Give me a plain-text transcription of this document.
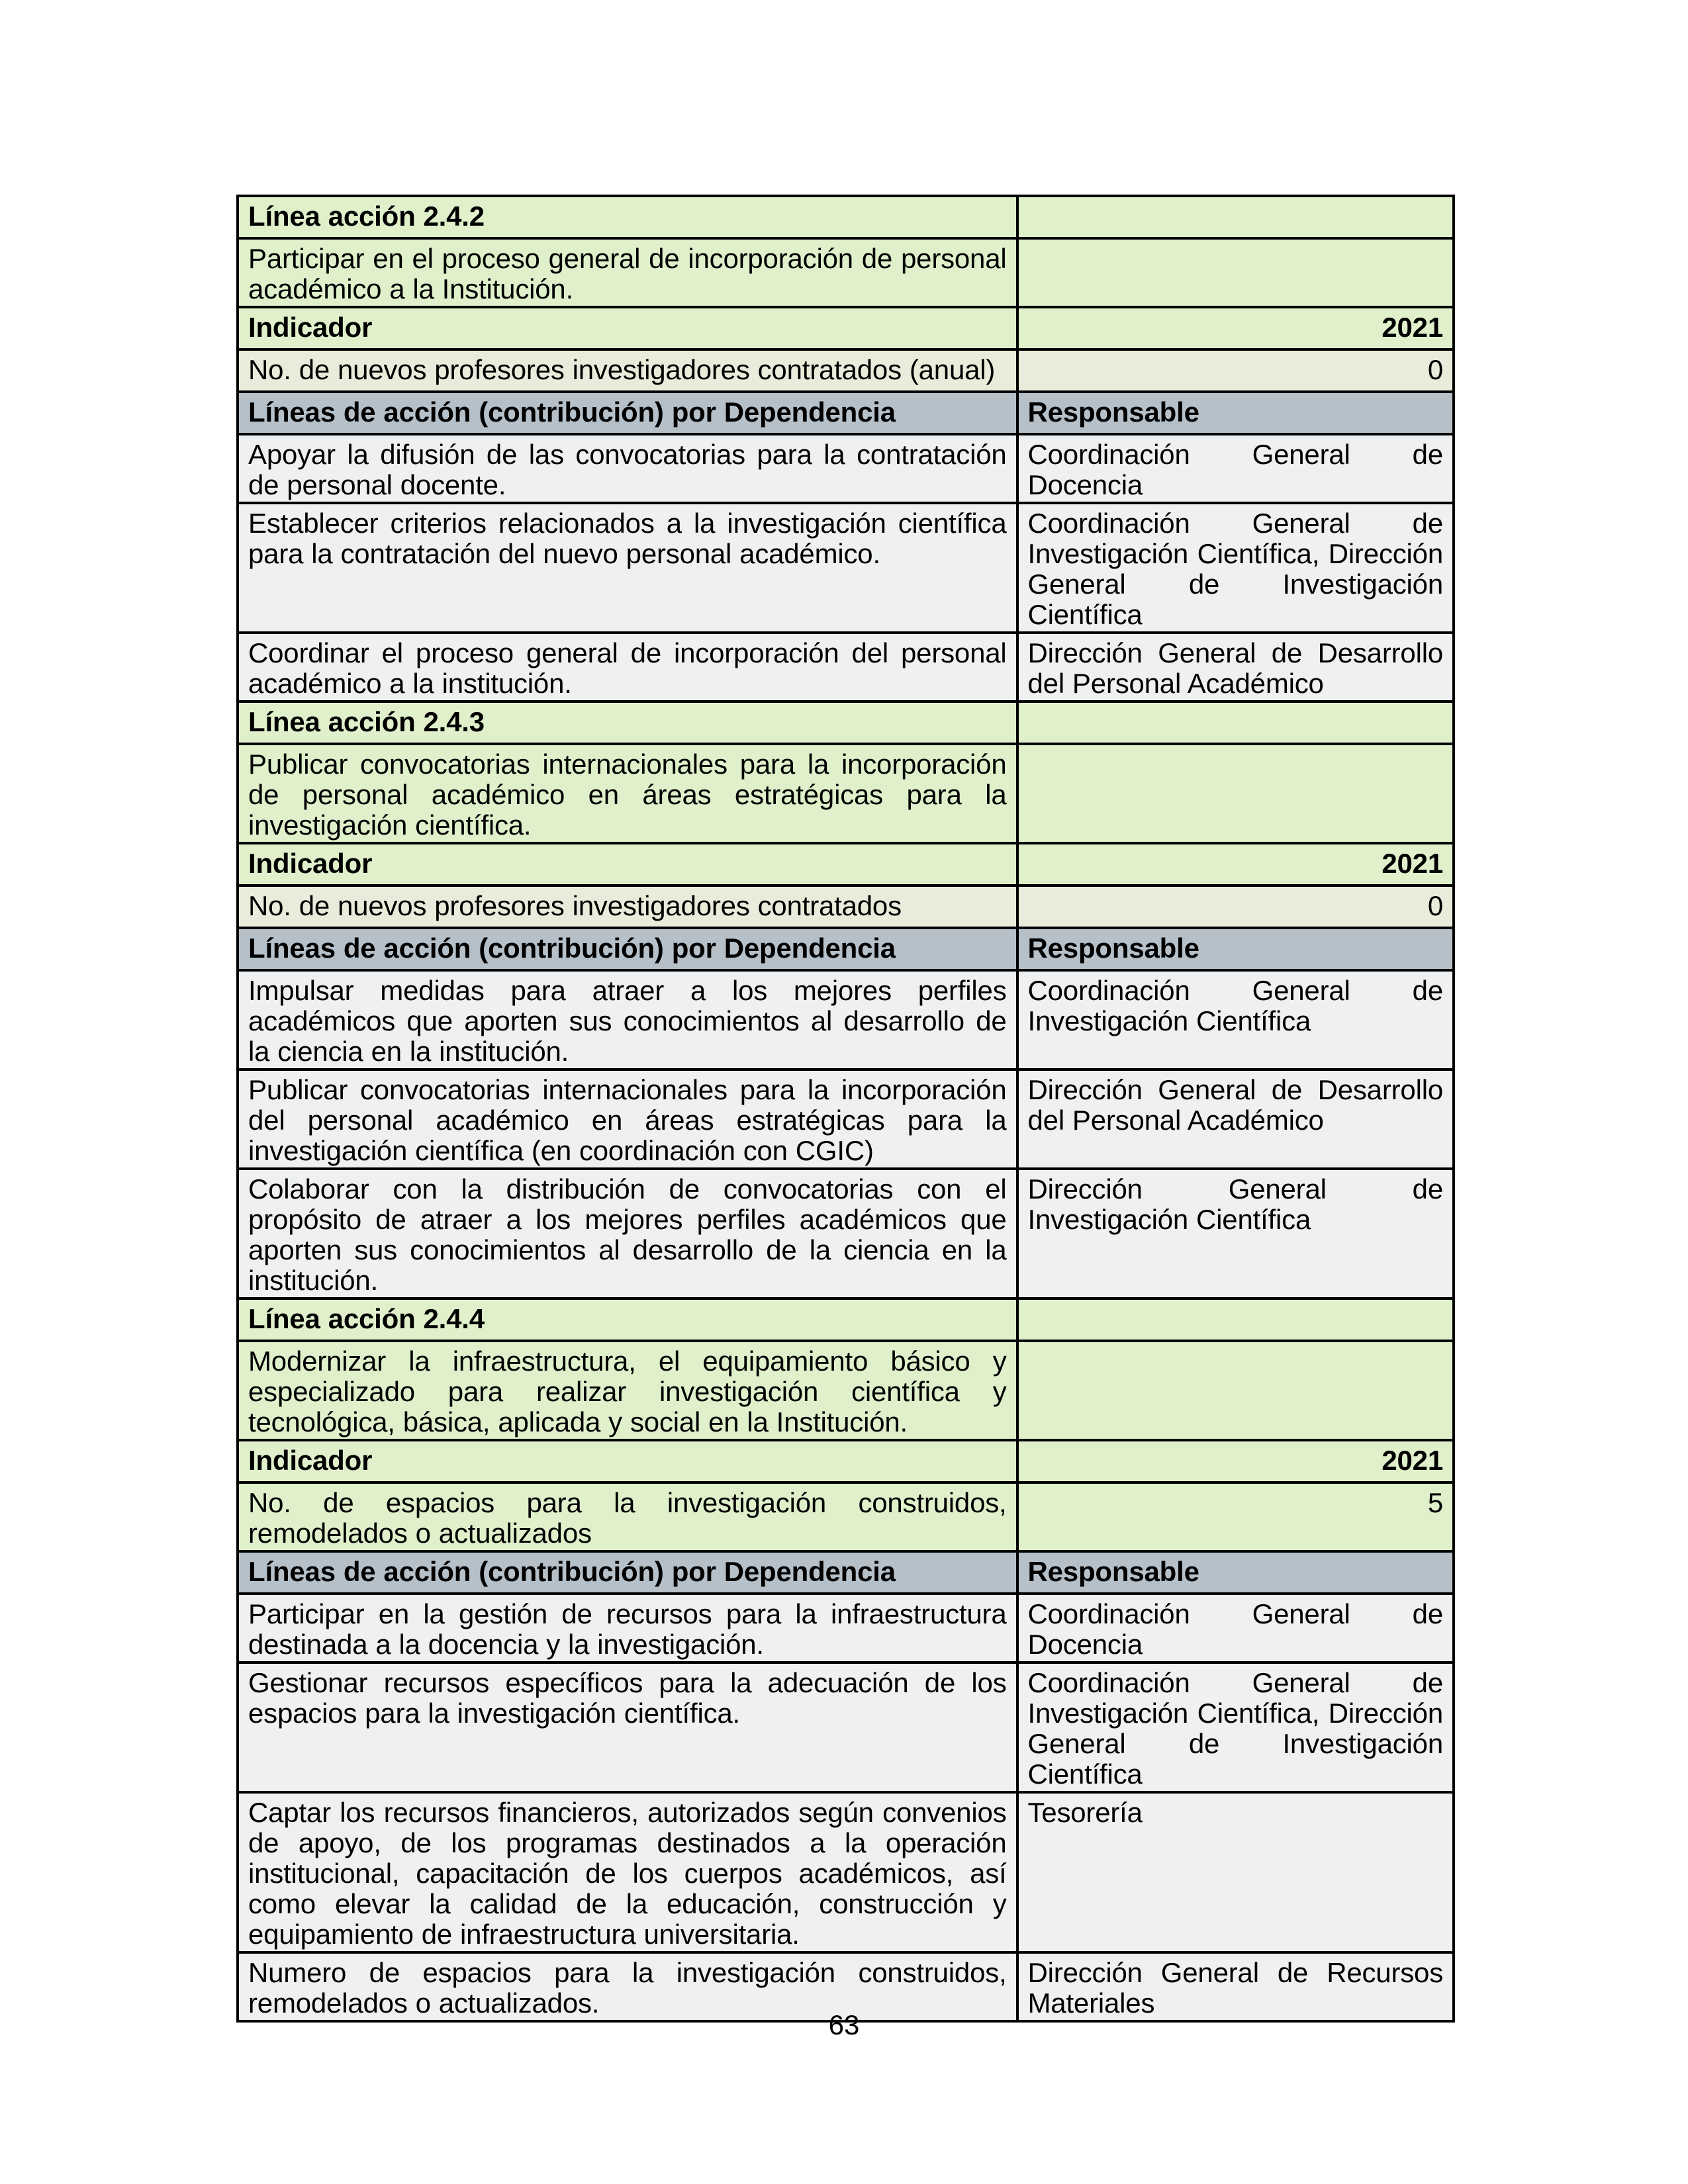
Línea acción 2.4.2	
Participar en el proceso general de incorporación de personal académico a la Institución.	
Indicador	2021
No. de nuevos profesores investigadores contratados (anual)	0
Líneas de acción (contribución) por Dependencia	Responsable
Apoyar la difusión de las convocatorias para la contratación de personal docente.	Coordinación General de Docencia
Establecer criterios relacionados a la investigación científica para la contratación del nuevo personal académico.	Coordinación General de Investigación Científica, Dirección General de Investigación Científica
Coordinar el proceso general de incorporación del personal académico a la institución.	Dirección General de Desarrollo del Personal Académico
Línea acción 2.4.3	
Publicar convocatorias internacionales para la incorporación de personal académico en áreas estratégicas para la investigación científica.	
Indicador	2021
No. de nuevos profesores investigadores contratados	0
Líneas de acción (contribución) por Dependencia	Responsable
Impulsar medidas para atraer a los mejores perfiles académicos que aporten sus conocimientos al desarrollo de la ciencia en la institución.	Coordinación General de Investigación Científica
Publicar convocatorias internacionales para la incorporación del personal académico en áreas estratégicas para la investigación científica (en coordinación con CGIC)	Dirección General de Desarrollo del Personal Académico
Colaborar con la distribución de convocatorias con el propósito de atraer a los mejores perfiles académicos que aporten sus conocimientos al desarrollo de la ciencia en la institución.	Dirección General de Investigación Científica
Línea acción 2.4.4	
Modernizar la infraestructura, el equipamiento básico y especializado para realizar investigación científica y tecnológica, básica, aplicada y social en la Institución.	
Indicador	2021
No. de espacios para la investigación construidos, remodelados o actualizados	5
Líneas de acción (contribución) por Dependencia	Responsable
Participar en la gestión de recursos para la infraestructura destinada a la docencia y la investigación.	Coordinación General de Docencia
Gestionar recursos específicos para la adecuación de los espacios para la investigación científica.	Coordinación General de Investigación Científica, Dirección General de Investigación Científica
Captar los recursos financieros, autorizados según convenios de apoyo, de los programas destinados a la operación institucional, capacitación de los cuerpos académicos, así como elevar la calidad de la educación, construcción y equipamiento de infraestructura universitaria.	Tesorería
Numero de espacios para la investigación construidos, remodelados o actualizados.	Dirección General de Recursos Materiales
63
